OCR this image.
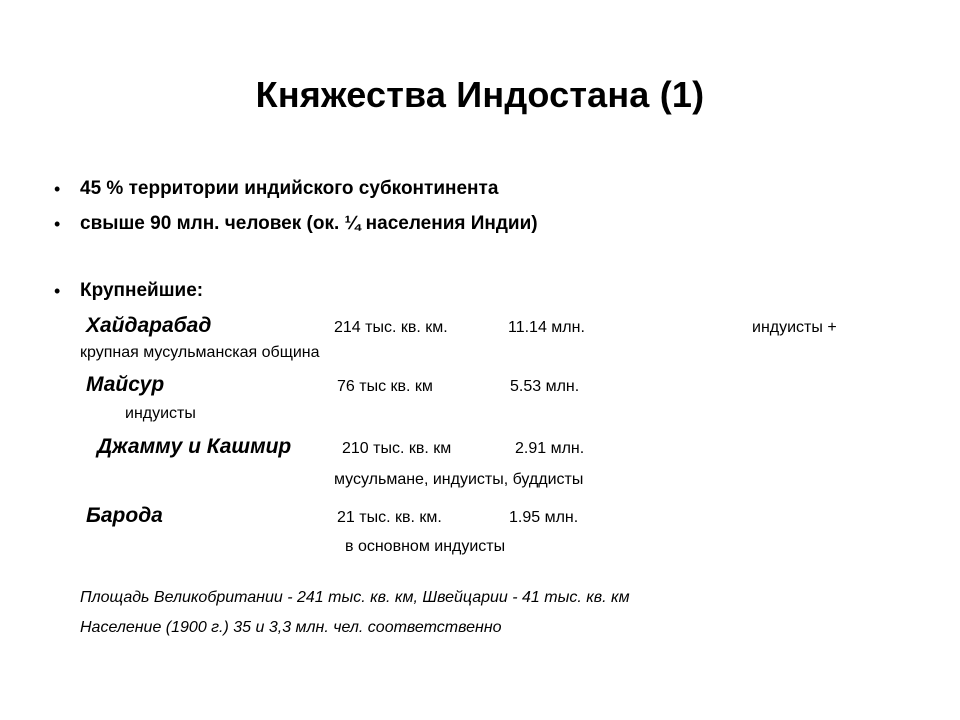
Княжества Индостана (1)
• 45 % территории индийского субконтинента
• свыше 90 млн. человек (ок. ¼ населения Индии)
• Крупнейшие:
Хайдарабад	214 тыс. кв. км.	11.14 млн.	индуисты +
крупная мусульманская община
Майсур	76 тыс кв. км	5.53 млн.
индуисты
Джамму и Кашмир	210 тыс. кв. км	2.91 млн.
мусульмане, индуисты, буддисты
Барода	21 тыс. кв. км.	1.95 млн.
в основном индуисты
Площадь Великобритании - 241 тыс. кв. км, Швейцарии - 41 тыс. кв. км
Население (1900 г.) 35 и 3,3 млн. чел. соответственно
